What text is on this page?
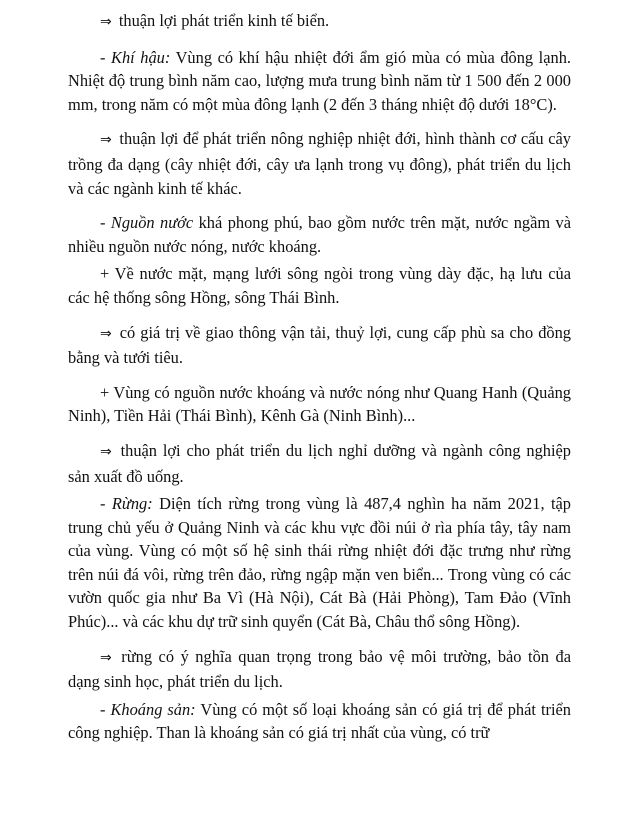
⇒ thuận lợi phát triển kinh tế biển.

- Khí hậu: Vùng có khí hậu nhiệt đới ẩm gió mùa có mùa đông lạnh. Nhiệt độ trung bình năm cao, lượng mưa trung bình năm từ 1 500 đến 2 000 mm, trong năm có một mùa đông lạnh (2 đến 3 tháng nhiệt độ dưới 18°C).

⇒ thuận lợi để phát triển nông nghiệp nhiệt đới, hình thành cơ cấu cây trồng đa dạng (cây nhiệt đới, cây ưa lạnh trong vụ đông), phát triển du lịch và các ngành kinh tế khác.

- Nguồn nước khá phong phú, bao gồm nước trên mặt, nước ngầm và nhiều nguồn nước nóng, nước khoáng.

+ Về nước mặt, mạng lưới sông ngòi trong vùng dày đặc, hạ lưu của các hệ thống sông Hồng, sông Thái Bình.

⇒ có giá trị về giao thông vận tải, thuỷ lợi, cung cấp phù sa cho đồng bằng và tưới tiêu.

+ Vùng có nguồn nước khoáng và nước nóng như Quang Hanh (Quảng Ninh), Tiền Hải (Thái Bình), Kênh Gà (Ninh Bình)...

⇒ thuận lợi cho phát triển du lịch nghỉ dưỡng và ngành công nghiệp sản xuất đồ uống.

- Rừng: Diện tích rừng trong vùng là 487,4 nghìn ha năm 2021, tập trung chủ yếu ở Quảng Ninh và các khu vực đồi núi ở rìa phía tây, tây nam của vùng. Vùng có một số hệ sinh thái rừng nhiệt đới đặc trưng như rừng trên núi đá vôi, rừng trên đảo, rừng ngập mặn ven biển... Trong vùng có các vườn quốc gia như Ba Vì (Hà Nội), Cát Bà (Hải Phòng), Tam Đảo (Vĩnh Phúc)... và các khu dự trữ sinh quyển (Cát Bà, Châu thổ sông Hồng).

⇒ rừng có ý nghĩa quan trọng trong bảo vệ môi trường, bảo tồn đa dạng sinh học, phát triển du lịch.

- Khoáng sản: Vùng có một số loại khoáng sản có giá trị để phát triển công nghiệp. Than là khoáng sản có giá trị nhất của vùng, có trữ
